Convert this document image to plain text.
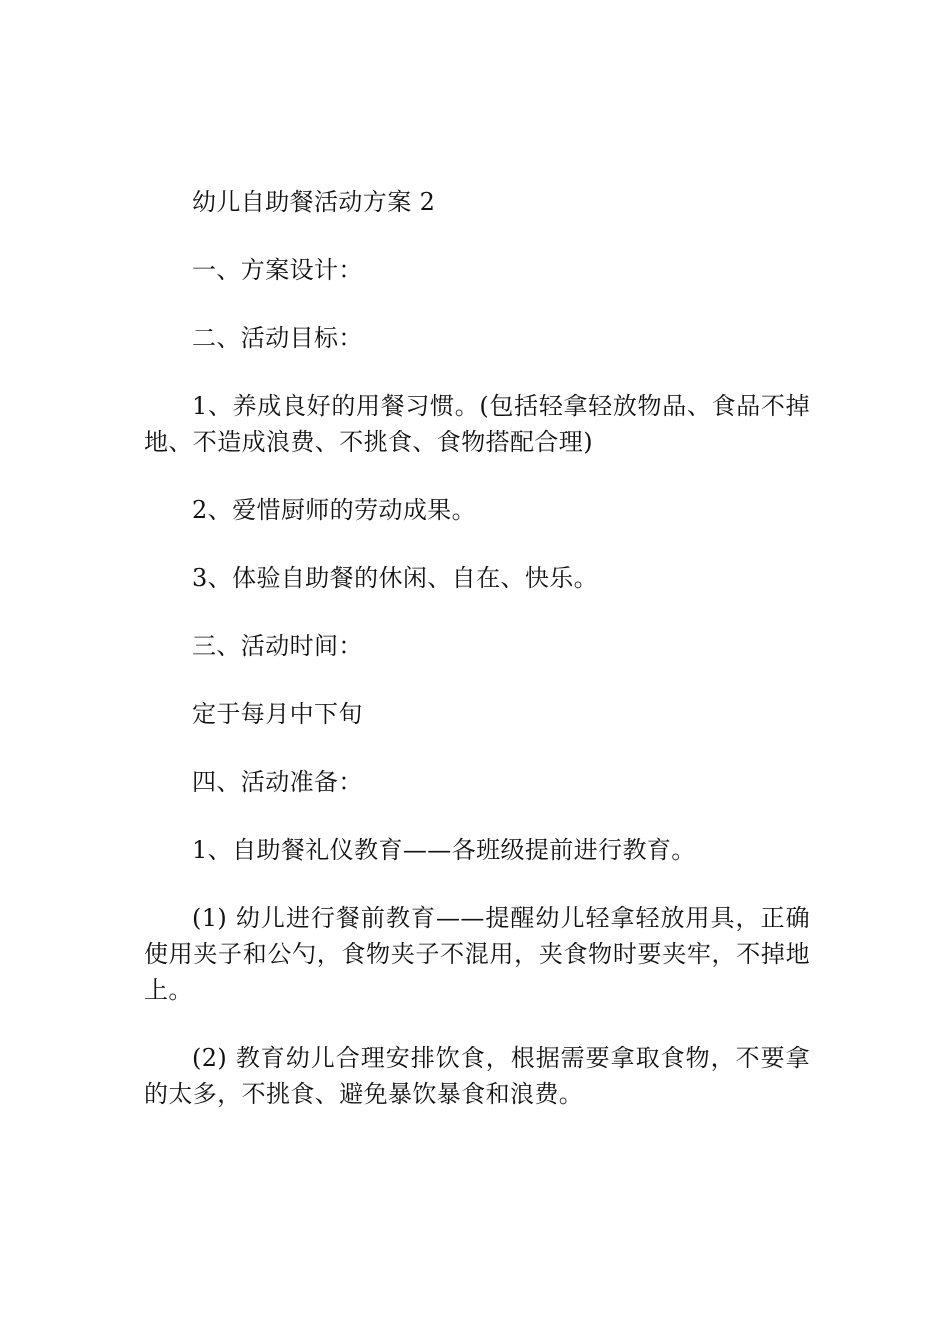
幼儿自助餐活动方案 2

一、方案设计：

二、活动目标：

1、养成良好的用餐习惯。(包括轻拿轻放物品、食品不掉地、不造成浪费、不挑食、食物搭配合理)

2、爱惜厨师的劳动成果。

3、体验自助餐的休闲、自在、快乐。

三、活动时间：

定于每月中下旬

四、活动准备：

1、自助餐礼仪教育——各班级提前进行教育。

(1) 幼儿进行餐前教育——提醒幼儿轻拿轻放用具，正确使用夹子和公勺，食物夹子不混用，夹食物时要夹牢，不掉地上。

(2) 教育幼儿合理安排饮食，根据需要拿取食物，不要拿的太多，不挑食、避免暴饮暴食和浪费。
